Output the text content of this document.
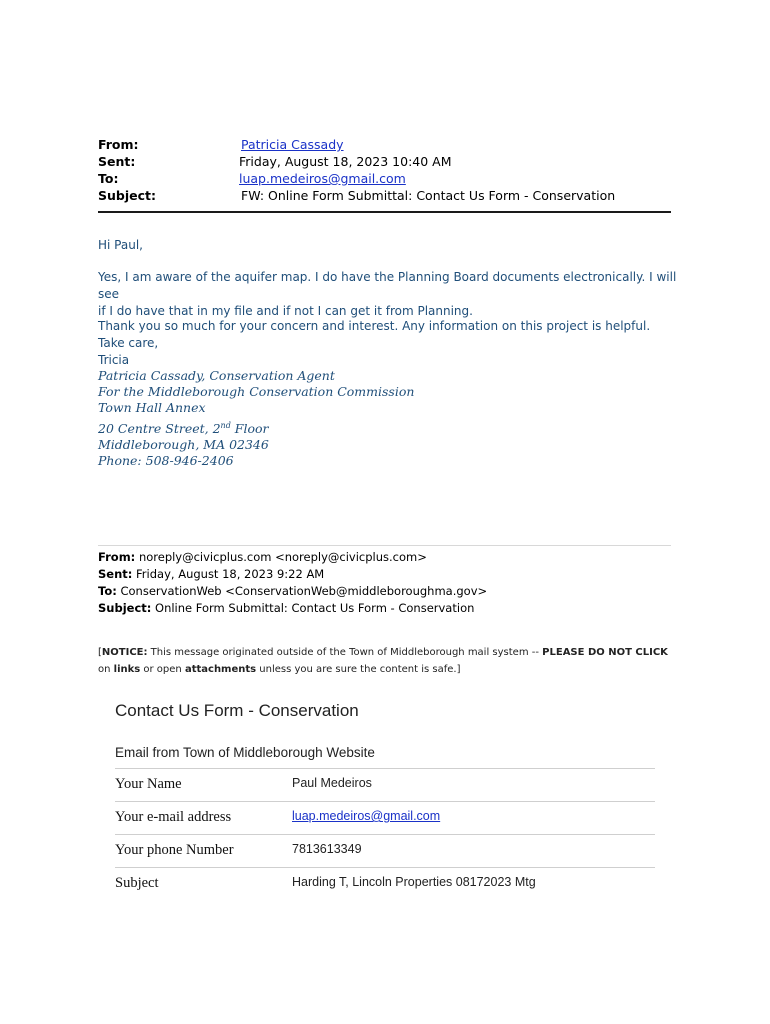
From:	Patricia Cassady
Sent:	Friday, August 18, 2023 10:40 AM
To:	luap.medeiros@gmail.com
Subject:	FW: Online Form Submittal: Contact Us Form - Conservation
Hi Paul,
Yes, I am aware of the aquifer map. I do have the Planning Board documents electronically. I will see
if I do have that in my file and if not I can get it from Planning.
Thank you so much for your concern and interest. Any information on this project is helpful.
Take care,
Tricia
Patricia Cassady, Conservation Agent
For the Middleborough Conservation Commission
Town Hall Annex
20 Centre Street, 2nd Floor
Middleborough, MA 02346
Phone: 508-946-2406
From: noreply@civicplus.com <noreply@civicplus.com>
Sent: Friday, August 18, 2023 9:22 AM
To: ConservationWeb <ConservationWeb@middleboroughma.gov>
Subject: Online Form Submittal: Contact Us Form - Conservation
[NOTICE: This message originated outside of the Town of Middleborough mail system -- PLEASE DO NOT CLICK on links or open attachments unless you are sure the content is safe.]
Contact Us Form - Conservation
Email from Town of Middleborough Website
Your Name	Paul Medeiros
Your e-mail address	luap.medeiros@gmail.com
Your phone Number	7813613349
Subject	Harding T, Lincoln Properties 08172023 Mtg
